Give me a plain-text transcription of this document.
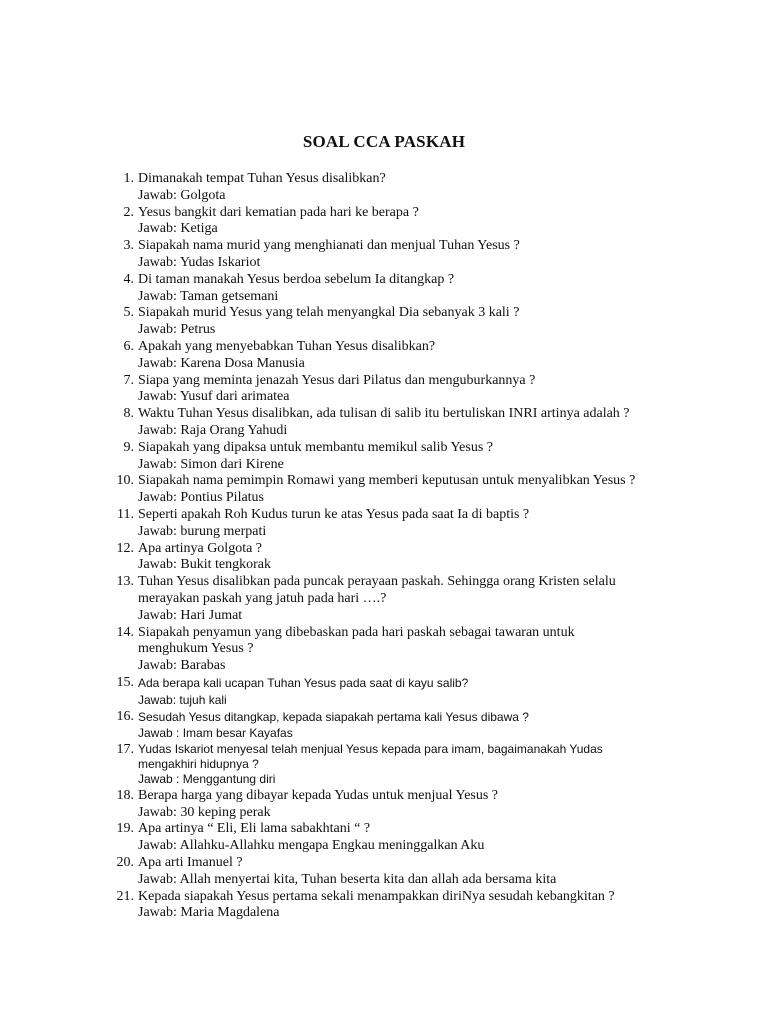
SOAL CCA PASKAH
1. Dimanakah tempat Tuhan Yesus disalibkan?
Jawab: Golgota
2. Yesus bangkit dari kematian pada hari ke berapa ?
Jawab: Ketiga
3. Siapakah nama murid yang menghianati dan menjual Tuhan Yesus ?
Jawab: Yudas Iskariot
4. Di taman manakah Yesus berdoa sebelum Ia ditangkap ?
Jawab: Taman getsemani
5. Siapakah murid Yesus yang telah menyangkal Dia sebanyak 3 kali ?
Jawab: Petrus
6. Apakah yang menyebabkan Tuhan Yesus disalibkan?
Jawab: Karena Dosa Manusia
7. Siapa yang meminta jenazah Yesus dari Pilatus dan menguburkannya ?
Jawab: Yusuf dari arimatea
8. Waktu Tuhan Yesus disalibkan, ada tulisan di salib itu bertuliskan INRI artinya adalah ?
Jawab: Raja Orang Yahudi
9. Siapakah yang dipaksa untuk membantu memikul salib Yesus ?
Jawab: Simon dari Kirene
10. Siapakah nama pemimpin Romawi yang memberi keputusan untuk menyalibkan Yesus ?
Jawab: Pontius Pilatus
11. Seperti apakah Roh Kudus turun ke atas Yesus pada saat Ia di baptis ?
Jawab: burung merpati
12. Apa artinya Golgota ?
Jawab: Bukit tengkorak
13. Tuhan Yesus disalibkan pada puncak perayaan paskah. Sehingga orang Kristen selalu
merayakan paskah yang jatuh pada hari ….?
Jawab: Hari Jumat
14. Siapakah penyamun yang dibebaskan pada hari paskah sebagai tawaran untuk
menghukum Yesus ?
Jawab: Barabas
15. Ada berapa kali ucapan Tuhan Yesus pada saat di kayu salib?
Jawab: tujuh kali
16. Sesudah Yesus ditangkap, kepada siapakah pertama kali Yesus dibawa ?
Jawab : Imam besar Kayafas
17. Yudas Iskariot menyesal telah menjual Yesus kepada para imam, bagaimanakah Yudas
mengakhiri hidupnya ?
Jawab : Menggantung diri
18. Berapa harga yang dibayar kepada Yudas untuk menjual Yesus ?
Jawab: 30 keping perak
19. Apa artinya “ Eli, Eli lama sabakhtani “ ?
Jawab: Allahku-Allahku mengapa Engkau meninggalkan Aku
20. Apa arti Imanuel ?
Jawab: Allah menyertai kita, Tuhan beserta kita dan allah ada bersama kita
21. Kepada siapakah Yesus pertama sekali menampakkan diriNya sesudah kebangkitan ?
Jawab: Maria Magdalena
